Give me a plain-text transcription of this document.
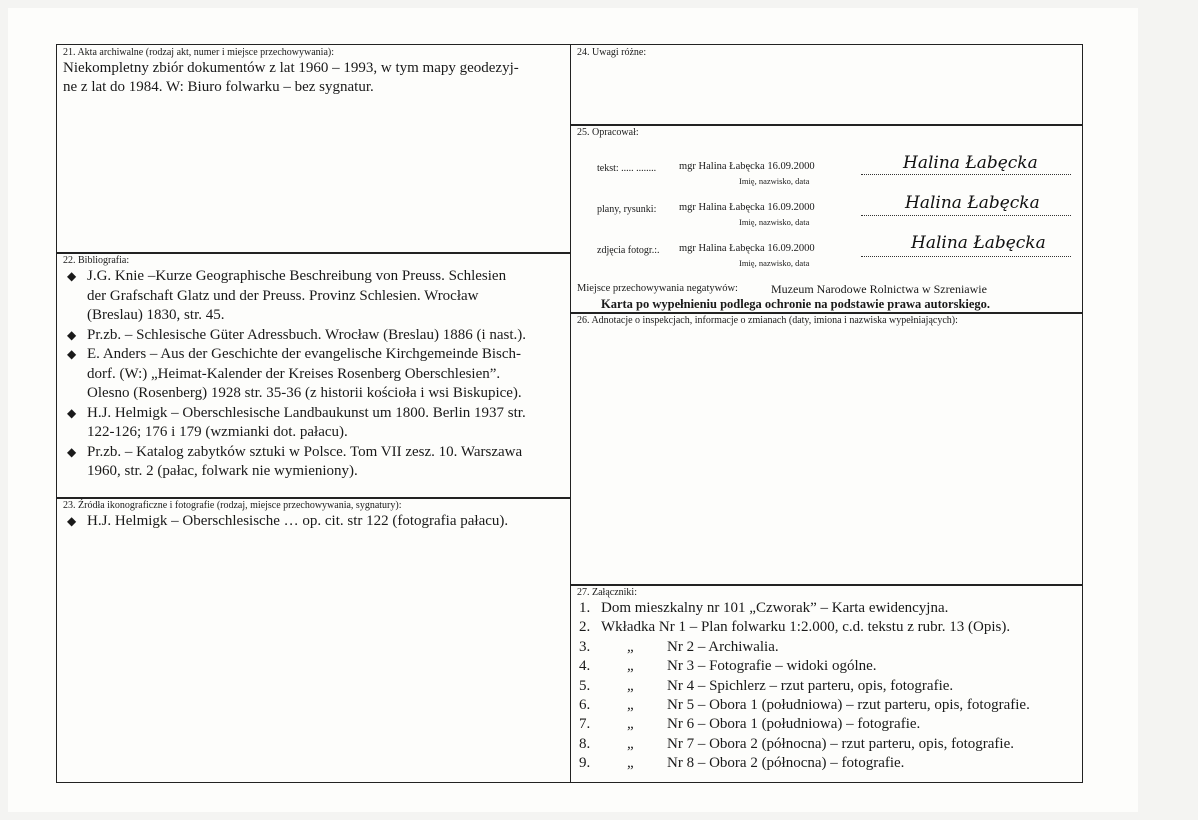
21. Akta archiwalne (rodzaj akt, numer i miejsce przechowywania):
Niekompletny zbiór dokumentów z lat 1960 – 1993, w tym mapy geodezyj-
ne z lat do 1984. W: Biuro folwarku – bez sygnatur.
22. Bibliografia:
◆ J.G. Knie –Kurze Geographische Beschreibung von Preuss. Schlesien
der Grafschaft Glatz und der Preuss. Provinz Schlesien. Wrocław
(Breslau) 1830, str. 45.
◆ Pr.zb. – Schlesische Güter Adressbuch. Wrocław (Breslau) 1886 (i nast.).
◆ E. Anders – Aus der Geschichte der evangelische Kirchgemeinde Bisch-
dorf. (W:) „Heimat-Kalender der Kreises Rosenberg Oberschlesien”.
Olesno (Rosenberg) 1928 str. 35-36 (z historii kościoła i wsi Biskupice).
◆ H.J. Helmigk – Oberschlesische Landbaukunst um 1800. Berlin 1937 str.
122-126; 176 i 179 (wzmianki dot. pałacu).
◆ Pr.zb. – Katalog zabytków sztuki w Polsce. Tom VII zesz. 10. Warszawa
1960, str. 2 (pałac, folwark nie wymieniony).
23. Źródła ikonograficzne i fotografie (rodzaj, miejsce przechowywania, sygnatury):
◆ H.J. Helmigk – Oberschlesische … op. cit. str 122 (fotografia pałacu).
24. Uwagi różne:
25. Opracował:
tekst: ..... ........ mgr Halina Łabęcka 16.09.2000	Halina Łabęcka
Imię, nazwisko, data
plany, rysunki: mgr Halina Łabęcka 16.09.2000	Halina Łabęcka
Imię, nazwisko, data
zdjęcia fotogr.:. mgr Halina Łabęcka 16.09.2000	Halina Łabęcka
Imię, nazwisko, data
Miejsce przechowywania negatywów:	Muzeum Narodowe Rolnictwa w Szreniawie
Karta po wypełnieniu podlega ochronie na podstawie prawa autorskiego.
26. Adnotacje o inspekcjach, informacje o zmianach (daty, imiona i nazwiska wypełniających):
27. Załączniki:
1. Dom mieszkalny nr 101 „Czworak” – Karta ewidencyjna.
2. Wkładka Nr 1 – Plan folwarku 1:2.000, c.d. tekstu z rubr. 13 (Opis).
3. „ Nr 2 – Archiwalia.
4. „ Nr 3 – Fotografie – widoki ogólne.
5. „ Nr 4 – Spichlerz – rzut parteru, opis, fotografie.
6. „ Nr 5 – Obora 1 (południowa) – rzut parteru, opis, fotografie.
7. „ Nr 6 – Obora 1 (południowa) – fotografie.
8. „ Nr 7 – Obora 2 (północna) – rzut parteru, opis, fotografie.
9. „ Nr 8 – Obora 2 (północna) – fotografie.
